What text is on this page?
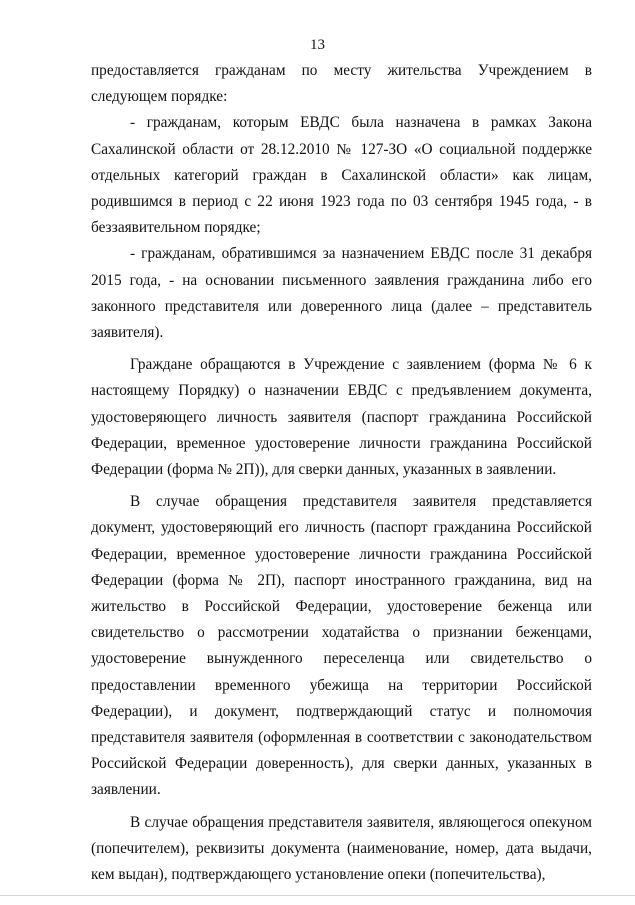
13

предоставляется гражданам по месту жительства Учреждением в следующем порядке:

- гражданам, которым ЕВДС была назначена в рамках Закона Сахалинской области от 28.12.2010 № 127-ЗО «О социальной поддержке отдельных категорий граждан в Сахалинской области» как лицам, родившимся в период с 22 июня 1923 года по 03 сентября 1945 года, - в беззаявительном порядке;

- гражданам, обратившимся за назначением ЕВДС после 31 декабря 2015 года, - на основании письменного заявления гражданина либо его законного представителя или доверенного лица (далее – представитель заявителя).

Граждане обращаются в Учреждение с заявлением (форма № 6 к настоящему Порядку) о назначении ЕВДС с предъявлением документа, удостоверяющего личность заявителя (паспорт гражданина Российской Федерации, временное удостоверение личности гражданина Российской Федерации (форма № 2П)), для сверки данных, указанных в заявлении.

В случае обращения представителя заявителя представляется документ, удостоверяющий его личность (паспорт гражданина Российской Федерации, временное удостоверение личности гражданина Российской Федерации (форма № 2П), паспорт иностранного гражданина, вид на жительство в Российской Федерации, удостоверение беженца или свидетельство о рассмотрении ходатайства о признании беженцами, удостоверение вынужденного переселенца или свидетельство о предоставлении временного убежища на территории Российской Федерации), и документ, подтверждающий статус и полномочия представителя заявителя (оформленная в соответствии с законодательством Российской Федерации доверенность), для сверки данных, указанных в заявлении.

В случае обращения представителя заявителя, являющегося опекуном (попечителем), реквизиты документа (наименование, номер, дата выдачи, кем выдан), подтверждающего установление опеки (попечительства),
